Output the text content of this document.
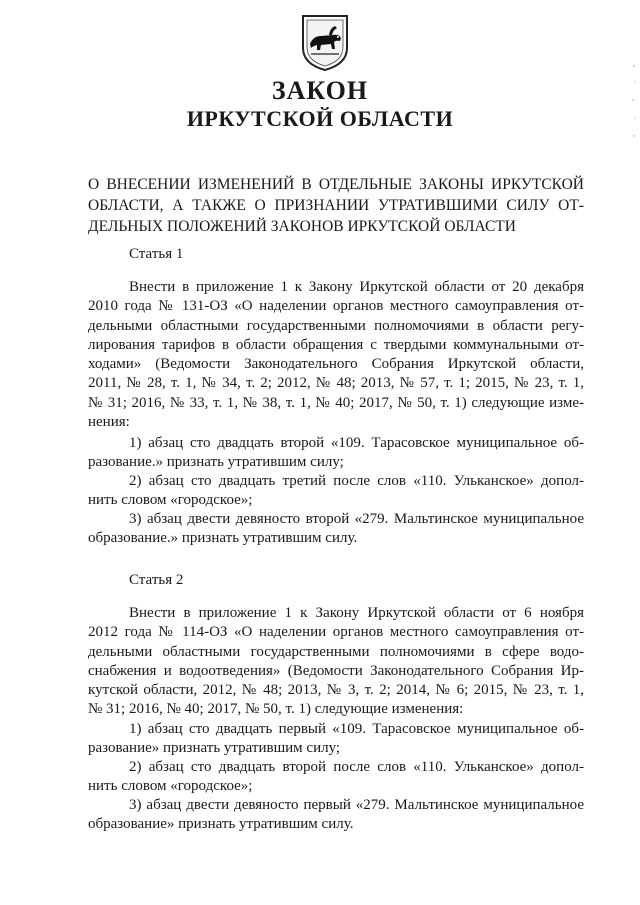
ЗАКОН
ИРКУТСКОЙ ОБЛАСТИ
О ВНЕСЕНИИ ИЗМЕНЕНИЙ В ОТДЕЛЬНЫЕ ЗАКОНЫ ИРКУТСКОЙ
ОБЛАСТИ, А ТАКЖЕ О ПРИЗНАНИИ УТРАТИВШИМИ СИЛУ ОТ-
ДЕЛЬНЫХ ПОЛОЖЕНИЙ ЗАКОНОВ ИРКУТСКОЙ ОБЛАСТИ
Статья 1
Внести в приложение 1 к Закону Иркутской области от 20 декабря
2010 года № 131-ОЗ «О наделении органов местного самоуправления от-
дельными областными государственными полномочиями в области регу-
лирования тарифов в области обращения с твердыми коммунальными от-
ходами» (Ведомости Законодательного Собрания Иркутской области,
2011, № 28, т. 1, № 34, т. 2; 2012, № 48; 2013, № 57, т. 1; 2015, № 23, т. 1,
№ 31; 2016, № 33, т. 1, № 38, т. 1, № 40; 2017, № 50, т. 1) следующие изме-
нения:
1) абзац сто двадцать второй «109. Тарасовское муниципальное об-
разование.» признать утратившим силу;
2) абзац сто двадцать третий после слов «110. Ульканское» допол-
нить словом «городское»;
3) абзац двести девяносто второй «279. Мальтинское муниципальное
образование.» признать утратившим силу.
Статья 2
Внести в приложение 1 к Закону Иркутской области от 6 ноября
2012 года № 114-ОЗ «О наделении органов местного самоуправления от-
дельными областными государственными полномочиями в сфере водо-
снабжения и водоотведения» (Ведомости Законодательного Собрания Ир-
кутской области, 2012, № 48; 2013, № 3, т. 2; 2014, № 6; 2015, № 23, т. 1,
№ 31; 2016, № 40; 2017, № 50, т. 1) следующие изменения:
1) абзац сто двадцать первый «109. Тарасовское муниципальное об-
разование» признать утратившим силу;
2) абзац сто двадцать второй после слов «110. Ульканское» допол-
нить словом «городское»;
3) абзац двести девяносто первый «279. Мальтинское муниципальное
образование» признать утратившим силу.
